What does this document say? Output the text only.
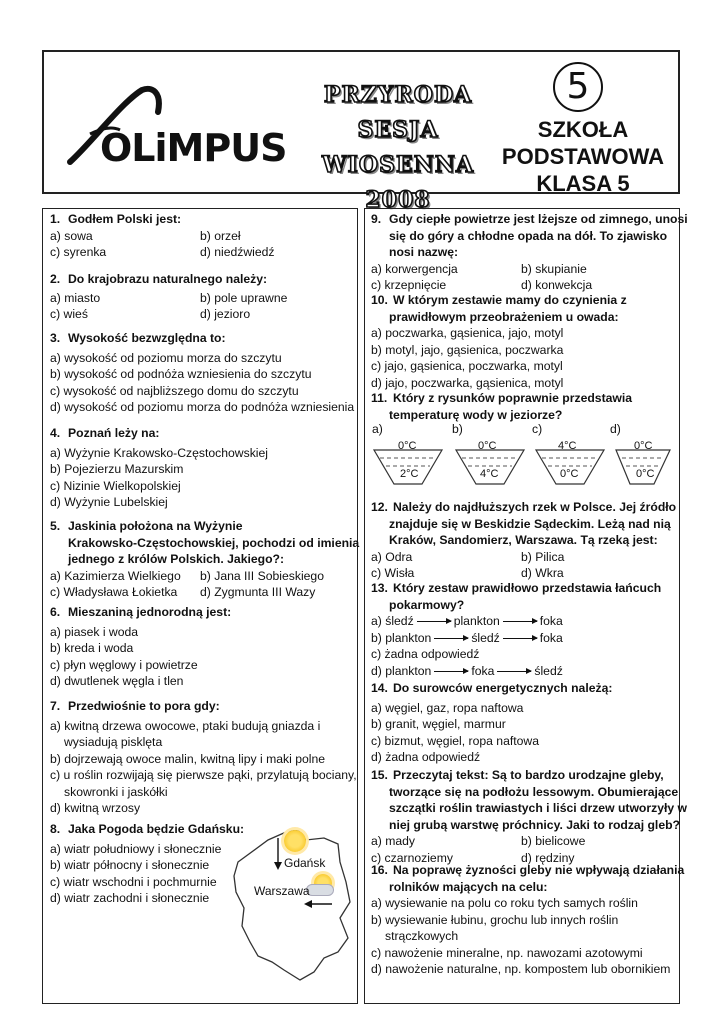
OLiMPUS
PRZYRODA
SESJA WIOSENNA
2008
5
SZKOŁA
PODSTAWOWA
KLASA 5
1. Godłem Polski jest:
a) sowa	b) orzeł
c) syrenka	d) niedźwiedź
2. Do krajobrazu naturalnego należy:
a) miasto	b) pole uprawne
c) wieś	d) jezioro
3. Wysokość bezwzględna to:
a) wysokość od poziomu morza do szczytu
b) wysokość od podnóża wzniesienia do szczytu
c) wysokość od najbliższego domu do szczytu
d) wysokość od poziomu morza do podnóża wzniesienia
4. Poznań leży na:
a) Wyżynie Krakowsko-Częstochowskiej
b) Pojezierzu Mazurskim
c) Nizinie Wielkopolskiej
d) Wyżynie Lubelskiej
5. Jaskinia położona na Wyżynie
Krakowsko-Częstochowskiej, pochodzi od imienia
jednego z królów Polskich. Jakiego?:
a) Kazimierza Wielkiego	b) Jana III Sobieskiego
c) Władysława Łokietka	d) Zygmunta III Wazy
6. Mieszaniną jednorodną jest:
a) piasek i woda
b) kreda i woda
c) płyn węglowy i powietrze
d) dwutlenek węgla i tlen
7. Przedwiośnie to pora gdy:
a) kwitną drzewa owocowe, ptaki budują gniazda i
wysiadują pisklęta
b) dojrzewają owoce malin, kwitną lipy i maki polne
c) u roślin rozwijają się pierwsze pąki, przylatują bociany,
skowronki i jaskółki
d) kwitną wrzosy
8. Jaka Pogoda będzie Gdańsku:
a) wiatr południowy i słonecznie
b) wiatr północny i słonecznie
c) wiatr wschodni i pochmurnie
d) wiatr zachodni i słonecznie
Gdańsk
Warszawa
9. Gdy ciepłe powietrze jest lżejsze od zimnego, unosi
się do góry a chłodne opada na dół. To zjawisko
nosi nazwę:
a) korwergencja	b) skupianie
c) krzepnięcie	d) konwekcja
10. W którym zestawie mamy do czynienia z
prawidłowym przeobrażeniem u owada:
a) poczwarka, gąsienica, jajo, motyl
b) motyl, jajo, gąsienica, poczwarka
c) jajo, gąsienica, poczwarka, motyl
d) jajo, poczwarka, gąsienica, motyl
11. Który z rysunków poprawnie przedstawia
temperaturę wody w jeziorze?
a)	b)	c)	d)
0°C
2°C
0°C
4°C
4°C
0°C
0°C
0°C
12. Należy do najdłuższych rzek w Polsce. Jej źródło
znajduje się w Beskidzie Sądeckim. Leżą nad nią
Kraków, Sandomierz, Warszawa. Tą rzeką jest:
a) Odra	b) Pilica
c) Wisła	d) Wkra
13. Który zestaw prawidłowo przedstawia łańcuch
pokarmowy?
a) śledź	plankton	foka
b) plankton	śledź	foka
c) żadna odpowiedź
d) plankton	foka	śledź
14. Do surowców energetycznych należą:
a) węgiel, gaz, ropa naftowa
b) granit, węgiel, marmur
c) bizmut, węgiel, ropa naftowa
d) żadna odpowiedź
15. Przeczytaj tekst: Są to bardzo urodzajne gleby,
tworzące się na podłożu lessowym. Obumierające
szczątki roślin trawiastych i liści drzew utworzyły w
niej grubą warstwę próchnicy. Jaki to rodzaj gleb?
a) mady	b) bielicowe
c) czarnoziemy	d) rędziny
16. Na poprawę żyzności gleby nie wpływają działania
rolników mających na celu:
a) wysiewanie na polu co roku tych samych roślin
b) wysiewanie łubinu, grochu lub innych roślin
strączkowych
c) nawożenie mineralne, np. nawozami azotowymi
d) nawożenie naturalne, np. kompostem lub obornikiem
